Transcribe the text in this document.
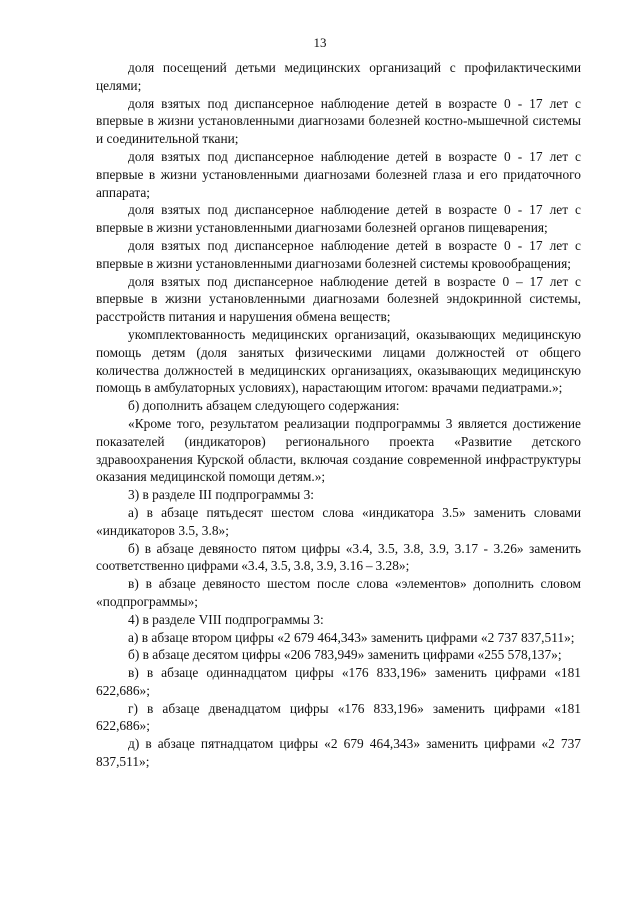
13

доля посещений детьми медицинских организаций с профилактическими целями;

доля взятых под диспансерное наблюдение детей в возрасте 0 - 17 лет с впервые в жизни установленными диагнозами болезней костно-мышечной системы и соединительной ткани;

доля взятых под диспансерное наблюдение детей в возрасте 0 - 17 лет с впервые в жизни установленными диагнозами болезней глаза и его придаточного аппарата;

доля взятых под диспансерное наблюдение детей в возрасте 0 - 17 лет с впервые в жизни установленными диагнозами болезней органов пищеварения;

доля взятых под диспансерное наблюдение детей в возрасте 0 - 17 лет с впервые в жизни установленными диагнозами болезней системы кровообращения;

доля взятых под диспансерное наблюдение детей в возрасте 0 – 17 лет с впервые в жизни установленными диагнозами болезней эндокринной системы, расстройств питания и нарушения обмена веществ;

укомплектованность медицинских организаций, оказывающих медицинскую помощь детям (доля занятых физическими лицами должностей от общего количества должностей в медицинских организациях, оказывающих медицинскую помощь в амбулаторных условиях), нарастающим итогом: врачами педиатрами.»;

б) дополнить абзацем следующего содержания:

«Кроме того, результатом реализации подпрограммы 3 является достижение показателей (индикаторов) регионального проекта «Развитие детского здравоохранения Курской области, включая создание современной инфраструктуры оказания медицинской помощи детям.»;

3) в разделе III подпрограммы 3:

а) в абзаце пятьдесят шестом слова «индикатора 3.5» заменить словами «индикаторов 3.5, 3.8»;

б) в абзаце девяносто пятом цифры «3.4, 3.5, 3.8, 3.9, 3.17 - 3.26» заменить соответственно цифрами «3.4, 3.5, 3.8, 3.9, 3.16 – 3.28»;

в) в абзаце девяносто шестом после слова «элементов» дополнить словом «подпрограммы»;

4) в разделе VIII подпрограммы 3:

а) в абзаце втором цифры «2 679 464,343» заменить цифрами «2 737 837,511»;

б) в абзаце десятом цифры «206 783,949» заменить цифрами «255 578,137»;

в) в абзаце одиннадцатом цифры «176 833,196» заменить цифрами «181 622,686»;

г) в абзаце двенадцатом цифры «176 833,196» заменить цифрами «181 622,686»;

д) в абзаце пятнадцатом цифры «2 679 464,343» заменить цифрами «2 737 837,511»;
